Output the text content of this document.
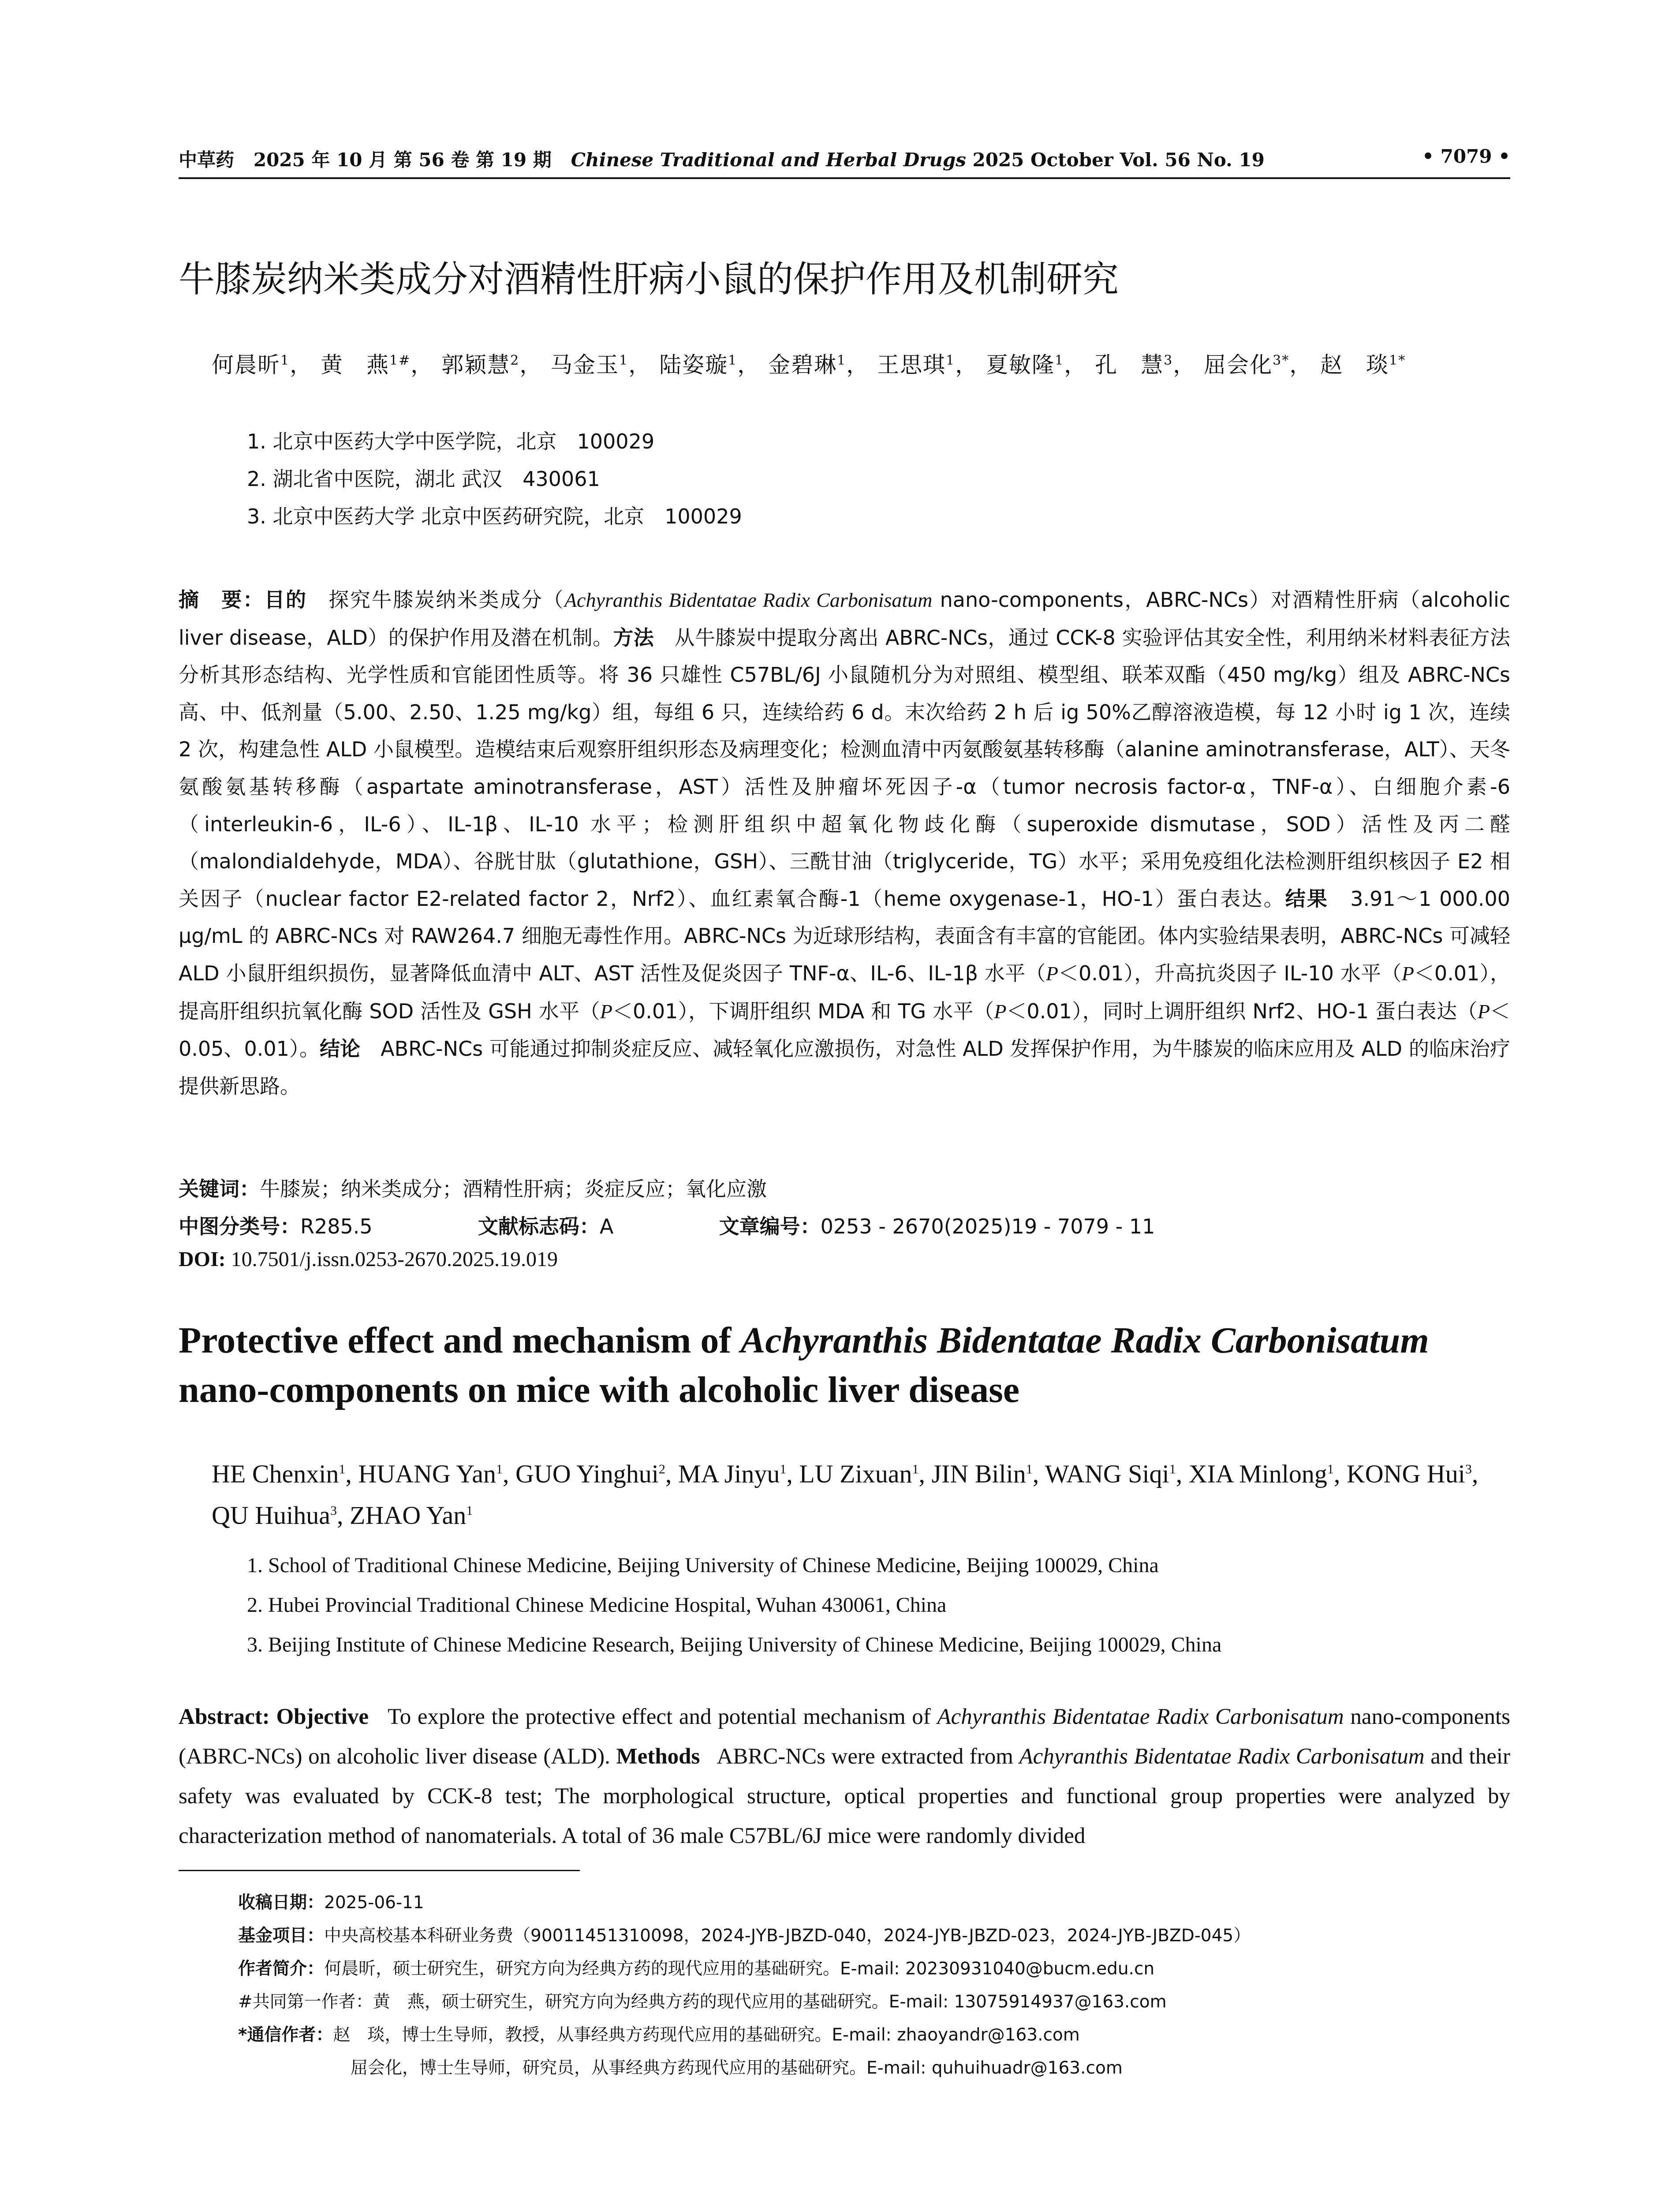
中草药 2025 年 10 月 第 56 卷 第 19 期 Chinese Traditional and Herbal Drugs 2025 October Vol. 56 No. 19	• 7079 •
牛膝炭纳米类成分对酒精性肝病小鼠的保护作用及机制研究
何晨昕$^1$， 黄　燕$^{1\#}$， 郭颖慧$^2$， 马金玉$^1$， 陆姿璇$^1$， 金碧琳$^1$， 王思琪$^1$， 夏敏隆$^1$， 孔　慧$^3$， 屈会化$^{3*}$， 赵　琰$^{1*}$
1. 北京中医药大学中医学院，北京　100029
2. 湖北省中医院，湖北 武汉　430061
3. 北京中医药大学 北京中医药研究院，北京　100029
摘　要：目的　 探究牛膝炭纳米类成分（Achyranthis Bidentatae Radix Carbonisatum nano-components，ABRC-NCs）对酒精性肝病（alcoholic liver disease，ALD）的保护作用及潜在机制。方法　 从牛膝炭中提取分离出 ABRC-NCs，通过 CCK-8 实验评估其安全性，利用纳米材料表征方法分析其形态结构、光学性质和官能团性质等。将 36 只雄性 C57BL/6J 小鼠随机分为对照组、模型组、联苯双酯（450 mg/kg）组及 ABRC-NCs 高、中、低剂量（5.00、2.50、1.25 mg/kg）组，每组 6 只，连续给药 6 d。末次给药 2 h 后 ig 50%乙醇溶液造模，每 12 小时 ig 1 次，连续 2 次，构建急性 ALD 小鼠模型。造模结束后观察肝组织形态及病理变化；检测血清中丙氨酸氨基转移酶（alanine aminotransferase，ALT）、天冬氨酸氨基转移酶（aspartate aminotransferase，AST）活性及肿瘤坏死因子-α（tumor necrosis factor-α，TNF-α）、白细胞介素-6（interleukin-6，IL-6）、IL-1β、IL-10 水平；检测肝组织中超氧化物歧化酶（superoxide dismutase，SOD）活性及丙二醛（malondialdehyde，MDA）、谷胱甘肽（glutathione，GSH）、三酰甘油（triglyceride，TG）水平；采用免疫组化法检测肝组织核因子 E2 相关因子（nuclear factor E2-related factor 2，Nrf2）、血红素氧合酶-1（heme oxygenase-1，HO-1）蛋白表达。结果　 3.91～1 000.00 μg/mL 的 ABRC-NCs 对 RAW264.7 细胞无毒性作用。ABRC-NCs 为近球形结构，表面含有丰富的官能团。体内实验结果表明，ABRC-NCs 可减轻 ALD 小鼠肝组织损伤，显著降低血清中 ALT、AST 活性及促炎因子 TNF-α、IL-6、IL-1β 水平（P＜0.01），升高抗炎因子 IL-10 水平（P＜0.01），提高肝组织抗氧化酶 SOD 活性及 GSH 水平（P＜0.01），下调肝组织 MDA 和 TG 水平（P＜0.01），同时上调肝组织 Nrf2、HO-1 蛋白表达（P＜0.05、0.01）。结论　 ABRC-NCs 可能通过抑制炎症反应、减轻氧化应激损伤，对急性 ALD 发挥保护作用，为牛膝炭的临床应用及 ALD 的临床治疗提供新思路。
关键词：牛膝炭；纳米类成分；酒精性肝病；炎症反应；氧化应激
中图分类号：R285.5	文献标志码：A	文章编号：0253 - 2670(2025)19 - 7079 - 11
DOI: 10.7501/j.issn.0253-2670.2025.19.019
Protective effect and mechanism of Achyranthis Bidentatae Radix Carbonisatum
nano-components on mice with alcoholic liver disease
HE Chenxin$^1$, HUANG Yan$^1$, GUO Yinghui$^2$, MA Jinyu$^1$, LU Zixuan$^1$, JIN Bilin$^1$, WANG Siqi$^1$, XIA Minlong$^1$, KONG Hui$^3$, QU Huihua$^3$, ZHAO Yan$^1$
1. School of Traditional Chinese Medicine, Beijing University of Chinese Medicine, Beijing 100029, China
2. Hubei Provincial Traditional Chinese Medicine Hospital, Wuhan 430061, China
3. Beijing Institute of Chinese Medicine Research, Beijing University of Chinese Medicine, Beijing 100029, China
Abstract: Objective To explore the protective effect and potential mechanism of Achyranthis Bidentatae Radix Carbonisatum nano-components (ABRC-NCs) on alcoholic liver disease (ALD). Methods ABRC-NCs were extracted from Achyranthis Bidentatae Radix Carbonisatum and their safety was evaluated by CCK-8 test; The morphological structure, optical properties and functional group properties were analyzed by characterization method of nanomaterials. A total of 36 male C57BL/6J mice were randomly divided
收稿日期：2025-06-11
基金项目：中央高校基本科研业务费（90011451310098，2024-JYB-JBZD-040，2024-JYB-JBZD-023，2024-JYB-JBZD-045）
作者简介：何晨昕，硕士研究生，研究方向为经典方药的现代应用的基础研究。E-mail: 20230931040@bucm.edu.cn
#共同第一作者：黄　燕，硕士研究生，研究方向为经典方药的现代应用的基础研究。E-mail: 13075914937@163.com
*通信作者：赵　琰，博士生导师，教授，从事经典方药现代应用的基础研究。E-mail: zhaoyandr@163.com
屈会化，博士生导师，研究员，从事经典方药现代应用的基础研究。E-mail: quhuihuadr@163.com
